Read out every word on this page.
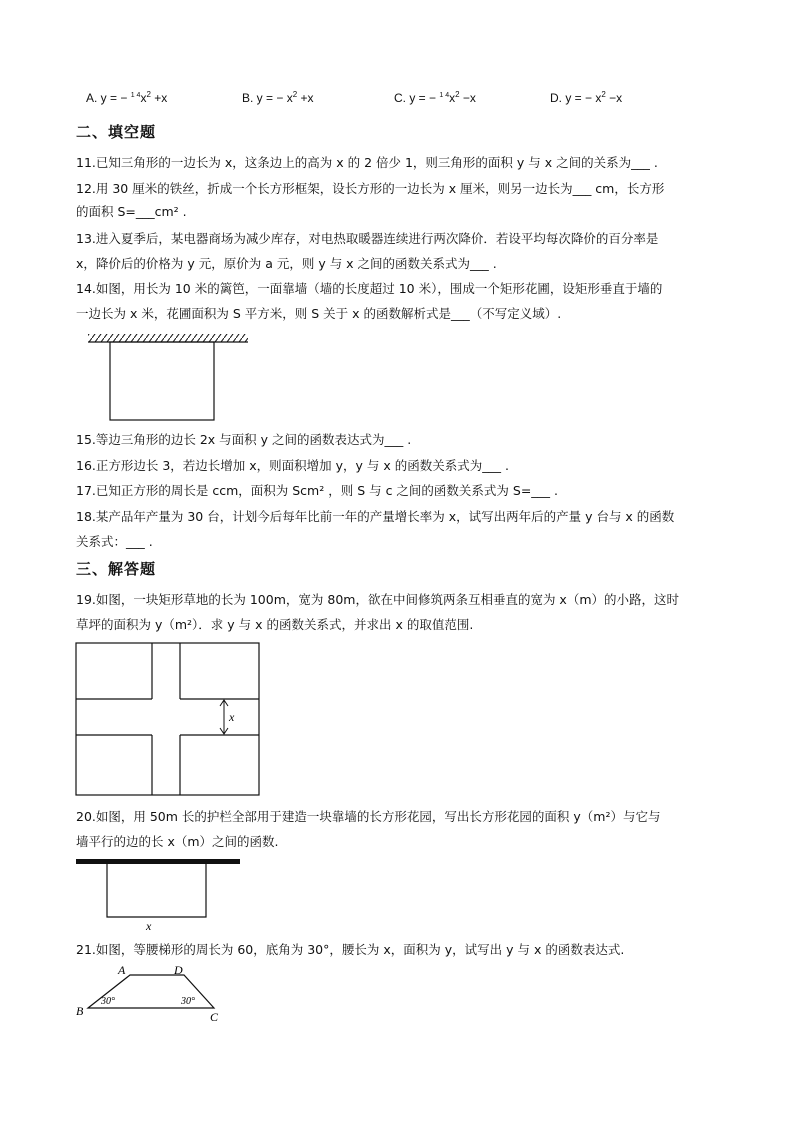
A. y = − 1 $4x^2 +x$	B. y = − $x^2 +x$	C. y = − 1 $4x^2 -x$	D. y = − $x^2 -x$
二、填空题
11.已知三角形的一边长为 x，这条边上的高为 x 的 2 倍少 1，则三角形的面积 y 与 x 之间的关系为___ .
12.用 30 厘米的铁丝，折成一个长方形框架，设长方形的一边长为 x 厘米，则另一边长为___ cm，长方形
的面积 S=___cm² .
13.进入夏季后，某电器商场为减少库存，对电热取暖器连续进行两次降价．若设平均每次降价的百分率是
x，降价后的价格为 y 元，原价为 a 元，则 y 与 x 之间的函数关系式为___ .
14.如图，用长为 10 米的篱笆，一面靠墙（墙的长度超过 10 米），围成一个矩形花圃，设矩形垂直于墙的
一边长为 x 米，花圃面积为 S 平方米，则 S 关于 x 的函数解析式是___（不写定义域）.
15.等边三角形的边长 2x 与面积 y 之间的函数表达式为___ .
16.正方形边长 3，若边长增加 x，则面积增加 y，y 与 x 的函数关系式为___ .
17.已知正方形的周长是 ccm，面积为 Scm² ，则 S 与 c 之间的函数关系式为 S=___ .
18.某产品年产量为 30 台，计划今后每年比前一年的产量增长率为 x，试写出两年后的产量 y 台与 x 的函数
关系式：___ .
三、解答题
19.如图，一块矩形草地的长为 100m，宽为 80m，欲在中间修筑两条互相垂直的宽为 x（m）的小路，这时
草坪的面积为 y（m²）．求 y 与 x 的函数关系式，并求出 x 的取值范围.
x
20.如图，用 50m 长的护栏全部用于建造一块靠墙的长方形花园，写出长方形花园的面积 y（m²）与它与
墙平行的边的长 x（m）之间的函数.
x
21.如图，等腰梯形的周长为 60，底角为 30°，腰长为 x，面积为 y，试写出 y 与 x 的函数表达式.
A	D
B	C
30°	30°
